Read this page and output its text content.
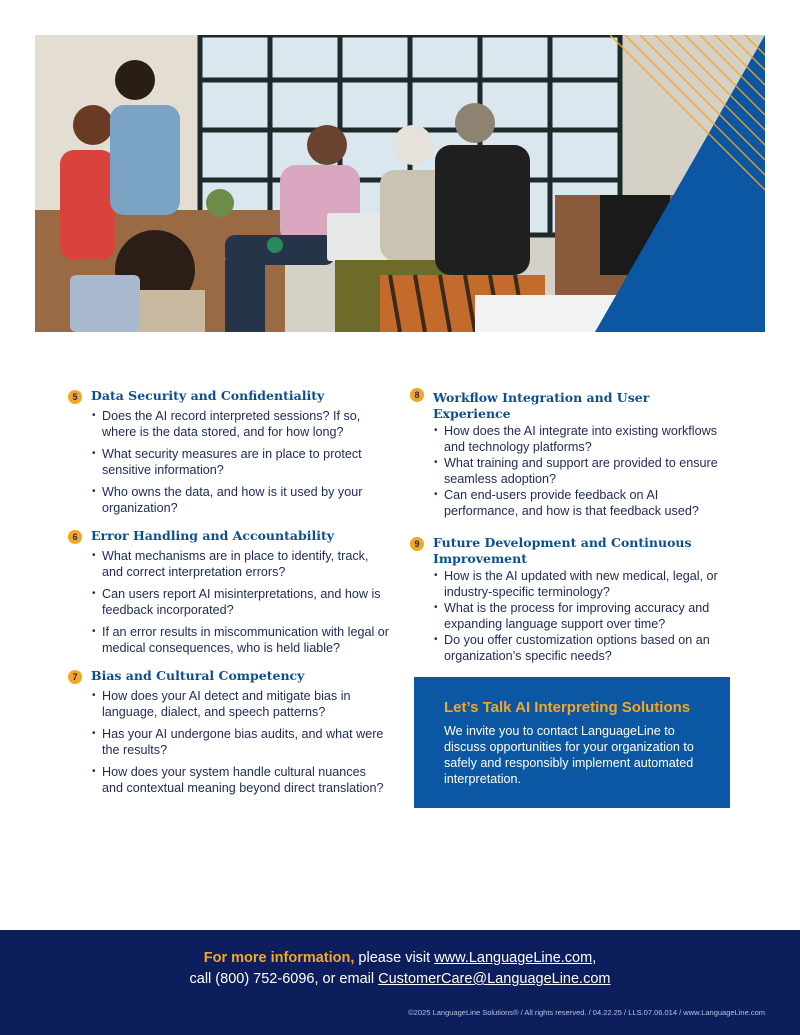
5	Data Security and Confidentiality
• Does the AI record interpreted sessions? If so, where is the data stored, and for how long?
• What security measures are in place to protect sensitive information?
• Who owns the data, and how is it used by your organization?
6	Error Handling and Accountability
• What mechanisms are in place to identify, track, and correct interpretation errors?
• Can users report AI misinterpretations, and how is feedback incorporated?
• If an error results in miscommunication with legal or medical consequences, who is held liable?
7	Bias and Cultural Competency
• How does your AI detect and mitigate bias in language, dialect, and speech patterns?
• Has your AI undergone bias audits, and what were the results?
• How does your system handle cultural nuances and contextual meaning beyond direct translation?
8	Workflow Integration and User Experience
• How does the AI integrate into existing workflows and technology platforms?
• What training and support are provided to ensure seamless adoption?
• Can end-users provide feedback on AI performance, and how is that feedback used?
9	Future Development and Continuous Improvement
• How is the AI updated with new medical, legal, or industry-specific terminology?
• What is the process for improving accuracy and expanding language support over time?
• Do you offer customization options based on an organization’s specific needs?
Let’s Talk AI Interpreting Solutions
We invite you to contact LanguageLine to discuss opportunities for your organization to safely and responsibly implement automated interpretation.
For more information, please visit www.LanguageLine.com,
call (800) 752-6096, or email CustomerCare@LanguageLine.com
©2025 LanguageLine Solutions® / All rights reserved. / 04.22.25 / LLS.07.06.014 / www.LanguageLine.com
